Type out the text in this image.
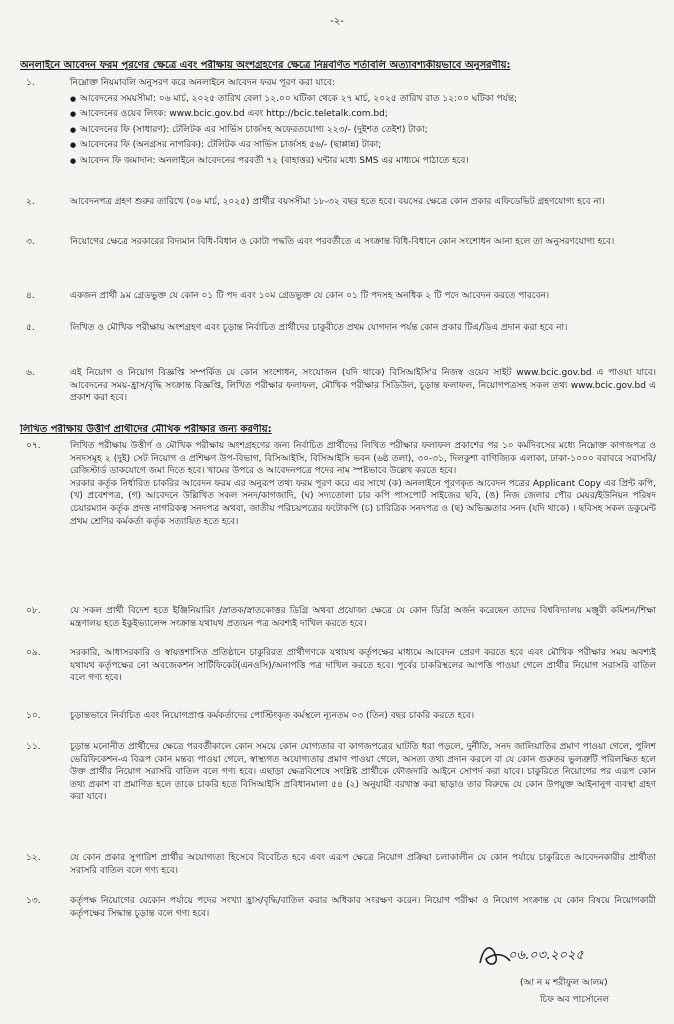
-২-
অনলাইনে আবেদন ফরম পূরণের ক্ষেত্রে এবং পরীক্ষায় অংশগ্রহণের ক্ষেত্রে নিম্নবর্ণিত শর্তাবলি অত্যাবশ্যকীয়ভাবে অনুসরণীয়:
১.	নিম্নোক্ত নিয়মাবলি অনুসরণ করে অনলাইনে আবেদন ফরম পূরণ করা যাবে:
● আবেদনের সময়সীমা: ০৬ মার্চ, ২০২৫ তারিখ বেলা ১২.০০ ঘটিকা থেকে ২৭ মার্চ, ২০২৫ তারিখ রাত ১২:০০ ঘটিকা পর্যন্ত;
● আবেদনের ওয়েব লিংক: www.bcic.gov.bd এবং http://bcic.teletalk.com.bd;
● আবেদনের ফি (সাধারণ): টেলিটক এর সার্ভিস চার্জসহ অফেরতযোগ্য ২২৩/- (দুইশত তেইশ) টাকা;
● আবেদনের ফি (অনগ্রসর নাগরিক): টেলিটক এর সার্ভিস চার্জসহ ৫৬/- (ছাপ্পান্ন) টাকা;
● আবেদন ফি জমাদান: অনলাইনে আবেদনের পরবর্তী ৭২ (বাহাত্তর) ঘন্টার মধ্যে SMS এর মাধ্যমে পাঠাতে হবে।
২.	আবেদনপত্র গ্রহণ শুরুর তারিখে (০৬ মার্চ, ২০২৫) প্রার্থীর বয়সসীমা ১৮-৩২ বছর হতে হবে। বয়সের ক্ষেত্রে কোন প্রকার এফিডেভিট গ্রহণযোগ্য হবে না।
৩.	নিয়োগের ক্ষেত্রে সরকারের বিদ্যমান বিধি-বিধান ও কোটা পদ্ধতি এবং পরবর্তীতে এ সংক্রান্ত বিধি-বিধানে কোন সংশোধন আনা হলে তা অনুসরণযোগ্য হবে।
৪.	একজন প্রার্থী ৯ম গ্রেডভুক্ত যে কোন ০১ টি পদ এবং ১০ম গ্রেডভুক্ত যে কোন ০১ টি পদসহ অনধিক ২ টি পদে আবেদন করতে পারবেন।
৫.	লিখিত ও মৌখিক পরীক্ষায় অংশগ্রহণ এবং চূড়ান্ত নির্বাচিত প্রার্থীদের চাকুরীতে প্রথম যোগদান পর্যন্ত কোন প্রকার টিএ/ডিএ প্রদান করা হবে না।
৬.	এই নিয়োগ ও নিয়োগ বিজ্ঞপ্তি সম্পর্কিত যে কোন সংশোধন, সংযোজন (যদি থাকে) বিসিআইসি'র নিজস্ব ওয়েব সাইট www.bcic.gov.bd এ পাওয়া যাবে। আবেদনের সময়-হ্রাস/বৃদ্ধি সংক্রান্ত বিজ্ঞপ্তি, লিখিত পরীক্ষার ফলাফল, মৌখিক পরীক্ষার সিডিউল, চূড়ান্ত ফলাফল, নিয়োগপত্রসহ সকল তথ্য www.bcic.gov.bd এ প্রকাশ করা হবে।
লিখিত পরীক্ষায় উত্তীর্ণ প্রার্থীদের মৌখিক পরীক্ষার জন্য করণীয়:
০৭.	লিখিত পরীক্ষায় উত্তীর্ণ ও মৌখিক পরীক্ষায় অংশগ্রহণের জন্য নির্বাচিত প্রার্থীদের লিখিত পরীক্ষার ফলাফল প্রকাশের পর ১০ কর্মদিবসের মধ্যে নিম্নোক্ত কাগজপত্র ও সনদসমূহ ২ (দুই) সেট নিয়োগ ও প্রশিক্ষণ উপ-বিভাগ, বিসিআইসি, বিসিআইসি ভবন (৬ষ্ঠ তলা), ৩০-৩১, দিলকুশা বাণিজ্যিক এলাকা, ঢাকা-১০০০ বরাবরে সরাসরি/রেজিস্টার্ড ডাকযোগে জমা দিতে হবে। খামের উপরে ও আবেদনপত্রে পদের নাম স্পষ্টভাবে উল্লেখ করতে হবে।
সরকার কর্তৃক নির্ধারিত চাকরির আবেদন ফরম এর অনুরূপ তথ্য ফরম পূরণ করে এর সাথে (ক) অনলাইনে পূরণকৃত আবেদন পত্রের Applicant Copy এর প্রিন্ট কপি, (খ) প্রবেশপত্র, (গ) আবেদনে উল্লিখিত সকল সনদ/কাগজাদি, (ঘ) সদ্যতোলা চার কপি পাসপোর্ট সাইজের ছবি, (ঙ) নিজ জেলার পৌর মেয়র/ইউনিয়ন পরিষদ চেয়ারম্যান কর্তৃক প্রদত্ত নাগরিকত্ব সনদপত্র অথবা, জাতীয় পরিচয়পত্রের ফটোকপি (চ) চারিত্রিক সনদপত্র ও (ছ) অভিজ্ঞতার সনদ (যদি থাকে) । ছবিসহ সকল ডকুমেন্ট প্রথম শ্রেণির কর্মকর্তা কর্তৃক সত্যায়িত হতে হবে।
০৮.	যে সকল প্রার্থী বিদেশ হতে ইঞ্জিনিয়ারিং /স্নাতক/স্নাতকোত্তর ডিগ্রি অথবা প্রযোজ্য ক্ষেত্রে যে কোন ডিগ্রি অর্জন করেছেন তাদের বিশ্ববিদ্যালয় মঞ্জুরী কমিশন/শিক্ষা মন্ত্রণালয় হতে ইকুইভ্যালেন্স সংক্রান্ত যথাযথ প্রত্যয়ন পত্র অবশ্যই দাখিল করতে হবে।
০৯.	সরকারি, আধাসরকারি ও স্বায়ত্তশাসিত প্রতিষ্ঠানে চাকুরিরত প্রার্থীগণকে যথাযথ কর্তৃপক্ষের মাধ্যমে আবেদন প্রেরণ করতে হবে এবং মৌখিক পরীক্ষার সময় অবশ্যই যথাযথ কর্তৃপক্ষের নো অবজেকশন সার্টিফিকেট(এনওসি)/অনাপত্তি পত্র দাখিল করতে হবে। পূর্বের চাকরিস্থলের আপত্তি পাওয়া গেলে প্রার্থীর নিয়োগ সরাসরি বাতিল বলে গণ্য হবে।
১০.	চূড়ান্তভাবে নির্বাচিত এবং নিয়োগপ্রাপ্ত কর্মকর্তাদের পোস্টিংকৃত কর্মস্থলে ন্যূনতম ০৩ (তিন) বছর চাকরি করতে হবে।
১১.	চূড়ান্ত মনোনীত প্রার্থীদের ক্ষেত্রে পরবর্তীকালে কোন সময়ে কোন যোগ্যতার বা কাগজপত্রের ঘাটতি ধরা পড়লে, দুর্নীতি, সনদ জালিয়াতির প্রমাণ পাওয়া গেলে, পুলিশ ভেরিফিকেশন-এ বিরূপ কোন মন্তব্য পাওয়া গেলে, স্বাস্থ্যগত অযোগ্যতার প্রমাণ পাওয়া গেলে, অসত্য তথ্য প্রদান করলে বা যে কোন গুরুতর ভুলত্রুটি পরিলক্ষিত হলে উক্ত প্রার্থীর নিয়োগ সরাসরি বাতিল বলে গণ্য হবে। এছাড়া ক্ষেত্রবিশেষে সংশ্লিষ্ট প্রার্থীকে ফৌজদারি আইনে সোপর্দ করা যাবে। চাকুরিতে নিয়োগের পর এরূপ কোন তথ্য প্রকাশ বা প্রমাণিত হলে তাকে চাকরি হতে বিসিআইসি প্রবিধানমালা ৫৪ (২) অনুযায়ী বরখাস্ত করা ছাড়াও তার বিরুদ্ধে যে কোন উপযুক্ত আইনানুগ ব্যবস্থা গ্রহণ করা যাবে।
১২.	যে কোন প্রকার সুপারিশ প্রার্থীর অযোগ্যতা হিসেবে বিবেচিত হবে এবং এরূপ ক্ষেত্রে নিয়োগ প্রক্রিয়া চলাকালীন যে কোন পর্যায়ে চাকুরিতে আবেদনকারীর প্রার্থীতা সরাসরি বাতিল বলে গণ্য হবে।
১৩.	কর্তৃপক্ষ নিয়োগের যেকোন পর্যায়ে পদের সংখ্যা হ্রাস/বৃদ্ধি/বাতিল করার অধিকার সংরক্ষণ করেন। নিয়োগ পরীক্ষা ও নিয়োগ সংক্রান্ত যে কোন বিষয়ে নিয়োগকারী কর্তৃপক্ষের সিদ্ধান্ত চূড়ান্ত বলে গণ্য হবে।
০৬.০৩.২০২৫
(আ ন ম শরীফুল আলম)
চিফ অব পার্সোনেল
